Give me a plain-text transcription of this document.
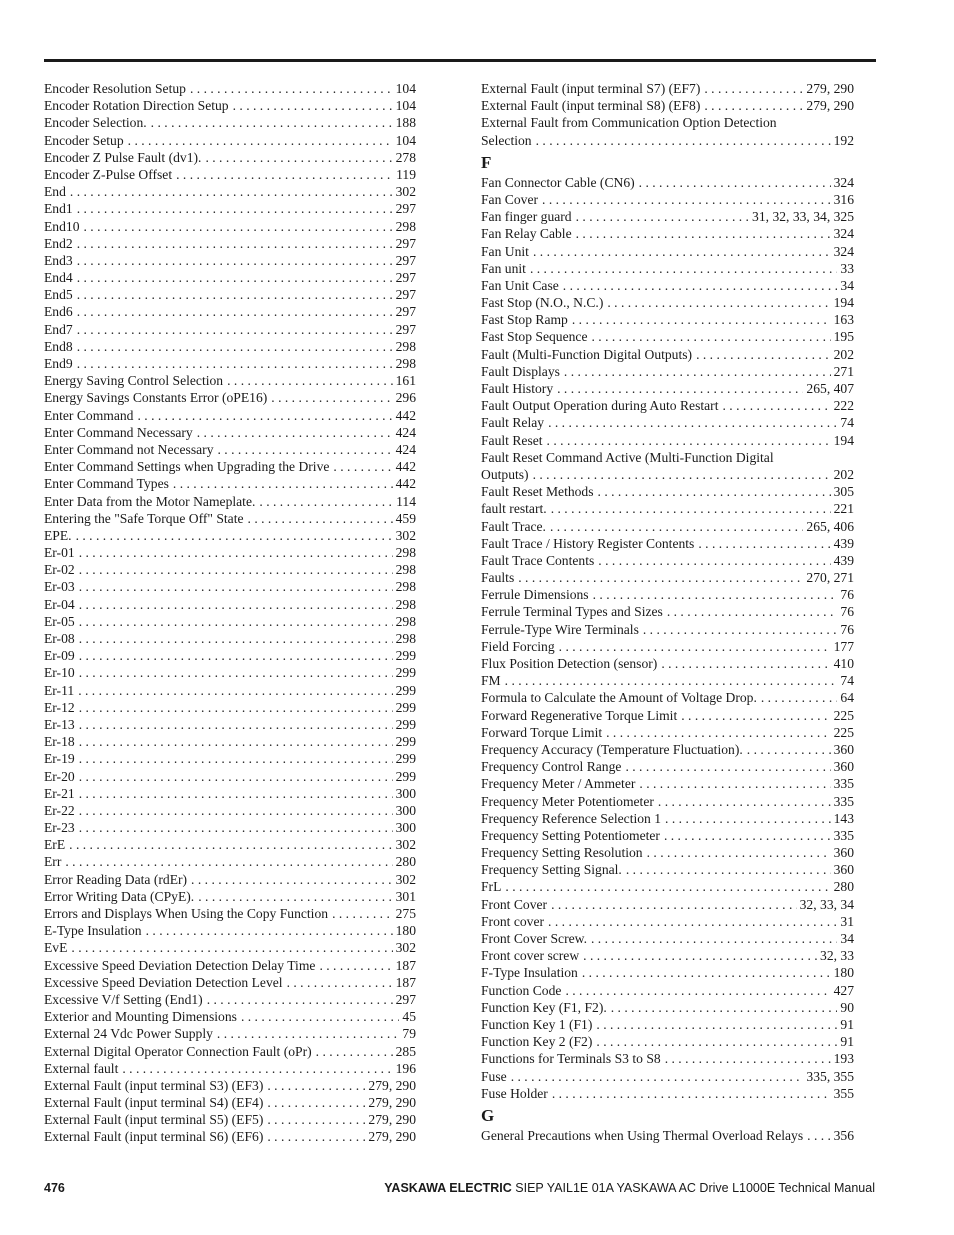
Encoder Resolution Setup . . .	104
Encoder Rotation Direction Setup . . .	104
Encoder Selection. . . .	188
Encoder Setup . . .	104
Encoder Z Pulse Fault (dv1). . . .	278
Encoder Z-Pulse Offset . . .	119
End . . .	302
End1 . . .	297
End10 . . .	298
End2 . . .	297
End3 . . .	297
End4 . . .	297
End5 . . .	297
End6 . . .	297
End7 . . .	297
End8 . . .	298
End9 . . .	298
Energy Saving Control Selection . . .	161
Energy Savings Constants Error (oPE16) . . .	296
Enter Command . . .	442
Enter Command Necessary . . .	424
Enter Command not Necessary . . .	424
Enter Command Settings when Upgrading the Drive . . .	442
Enter Command Types . . .	442
Enter Data from the Motor Nameplate. . . .	114
Entering the "Safe Torque Off" State . . .	459
EPE. . . .	302
Er-01 . . .	298
Er-02 . . .	298
Er-03 . . .	298
Er-04 . . .	298
Er-05 . . .	298
Er-08 . . .	298
Er-09 . . .	299
Er-10 . . .	299
Er-11 . . .	299
Er-12 . . .	299
Er-13 . . .	299
Er-18 . . .	299
Er-19 . . .	299
Er-20 . . .	299
Er-21 . . .	300
Er-22 . . .	300
Er-23 . . .	300
ErE . . .	302
Err . . .	280
Error Reading Data (rdEr) . . .	302
Error Writing Data (CPyE). . . .	301
Errors and Displays When Using the Copy Function . . .	275
E-Type Insulation . . .	180
EvE . . .	302
Excessive Speed Deviation Detection Delay Time . . .	187
Excessive Speed Deviation Detection Level . . .	187
Excessive V/f Setting (End1) . . .	297
Exterior and Mounting Dimensions . . .	45
External 24 Vdc Power Supply . . .	79
External Digital Operator Connection Fault (oPr) . . .	285
External fault . . .	196
External Fault (input terminal S3) (EF3) . . .	279, 290
External Fault (input terminal S4) (EF4) . . .	279, 290
External Fault (input terminal S5) (EF5) . . .	279, 290
External Fault (input terminal S6) (EF6) . . .	279, 290
External Fault (input terminal S7) (EF7) . . .	279, 290
External Fault (input terminal S8) (EF8) . . .	279, 290
External Fault from Communication Option Detection
Selection . . .	192
F
Fan Connector Cable (CN6) . . .	324
Fan Cover . . .	316
Fan finger guard . . .	31, 32, 33, 34, 325
Fan Relay Cable . . .	324
Fan Unit . . .	324
Fan unit . . .	33
Fan Unit Case . . .	34
Fast Stop (N.O., N.C.) . . .	194
Fast Stop Ramp . . .	163
Fast Stop Sequence . . .	195
Fault (Multi-Function Digital Outputs) . . .	202
Fault Displays . . .	271
Fault History . . .	265, 407
Fault Output Operation during Auto Restart . . .	222
Fault Relay . . .	74
Fault Reset . . .	194
Fault Reset Command Active (Multi-Function Digital
Outputs) . . .	202
Fault Reset Methods . . .	305
fault restart. . . .	221
Fault Trace. . . .	265, 406
Fault Trace / History Register Contents . . .	439
Fault Trace Contents . . .	439
Faults . . .	270, 271
Ferrule Dimensions . . .	76
Ferrule Terminal Types and Sizes . . .	76
Ferrule-Type Wire Terminals . . .	76
Field Forcing . . .	177
Flux Position Detection (sensor) . . .	410
FM . . .	74
Formula to Calculate the Amount of Voltage Drop. . . .	64
Forward Regenerative Torque Limit . . .	225
Forward Torque Limit . . .	225
Frequency Accuracy (Temperature Fluctuation). . . .	360
Frequency Control Range . . .	360
Frequency Meter / Ammeter . . .	335
Frequency Meter Potentiometer . . .	335
Frequency Reference Selection 1 . . .	143
Frequency Setting Potentiometer . . .	335
Frequency Setting Resolution . . .	360
Frequency Setting Signal. . . .	360
FrL . . .	280
Front Cover . . .	32, 33, 34
Front cover . . .	31
Front Cover Screw. . . .	34
Front cover screw . . .	32, 33
F-Type Insulation . . .	180
Function Code . . .	427
Function Key (F1, F2). . . .	90
Function Key 1 (F1) . . .	91
Function Key 2 (F2) . . .	91
Functions for Terminals S3 to S8 . . .	193
Fuse . . .	335, 355
Fuse Holder . . .	355
G
General Precautions when Using Thermal Overload Relays . . . 356
476	YASKAWA ELECTRIC SIEP YAIL1E 01A YASKAWA AC Drive L1000E Technical Manual
